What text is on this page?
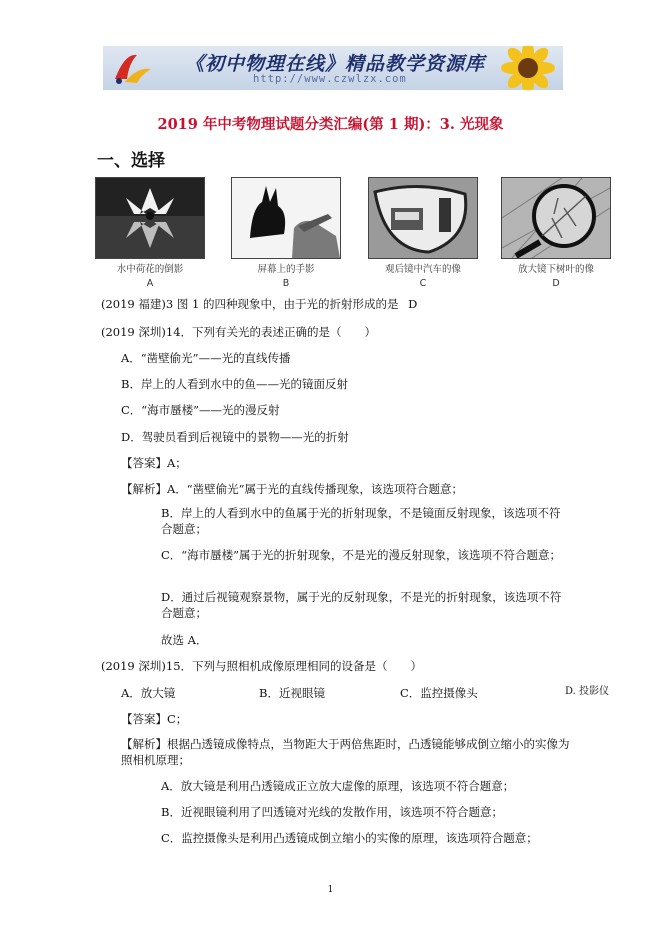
《初中物理在线》精品教学资源库
http://www.czwlzx.com
2019 年中考物理试题分类汇编(第 1 期)：3. 光现象
一、选择
水中荷花的倒影
A
屏幕上的手影
B
观后镜中汽车的像
C
放大镜下树叶的像
D
(2019 福建)3 图 1 的四种现象中，由于光的折射形成的是 D
(2019 深圳)14．下列有关光的表述正确的是（　　）
A．“凿壁偷光”——光的直线传播
B．岸上的人看到水中的鱼——光的镜面反射
C．“海市蜃楼”——光的漫反射
D．驾驶员看到后视镜中的景物——光的折射
【答案】A；
【解析】A．“凿壁偷光”属于光的直线传播现象，该选项符合题意；
B．岸上的人看到水中的鱼属于光的折射现象，不是镜面反射现象，该选项不符合题意；
C．“海市蜃楼”属于光的折射现象，不是光的漫反射现象，该选项不符合题意；
D．通过后视镜观察景物，属于光的反射现象，不是光的折射现象，该选项不符合题意；
故选 A．
(2019 深圳)15．下列与照相机成像原理相同的设备是（　　）
A．放大镜	B．近视眼镜	C．监控摄像头	D. 投影仪
【答案】C；
【解析】根据凸透镜成像特点，当物距大于两倍焦距时，凸透镜能够成倒立缩小的实像为照相机原理；
A．放大镜是利用凸透镜成正立放大虚像的原理，该选项不符合题意；
B．近视眼镜利用了凹透镜对光线的发散作用，该选项不符合题意；
C．监控摄像头是利用凸透镜成倒立缩小的实像的原理，该选项符合题意；
1
